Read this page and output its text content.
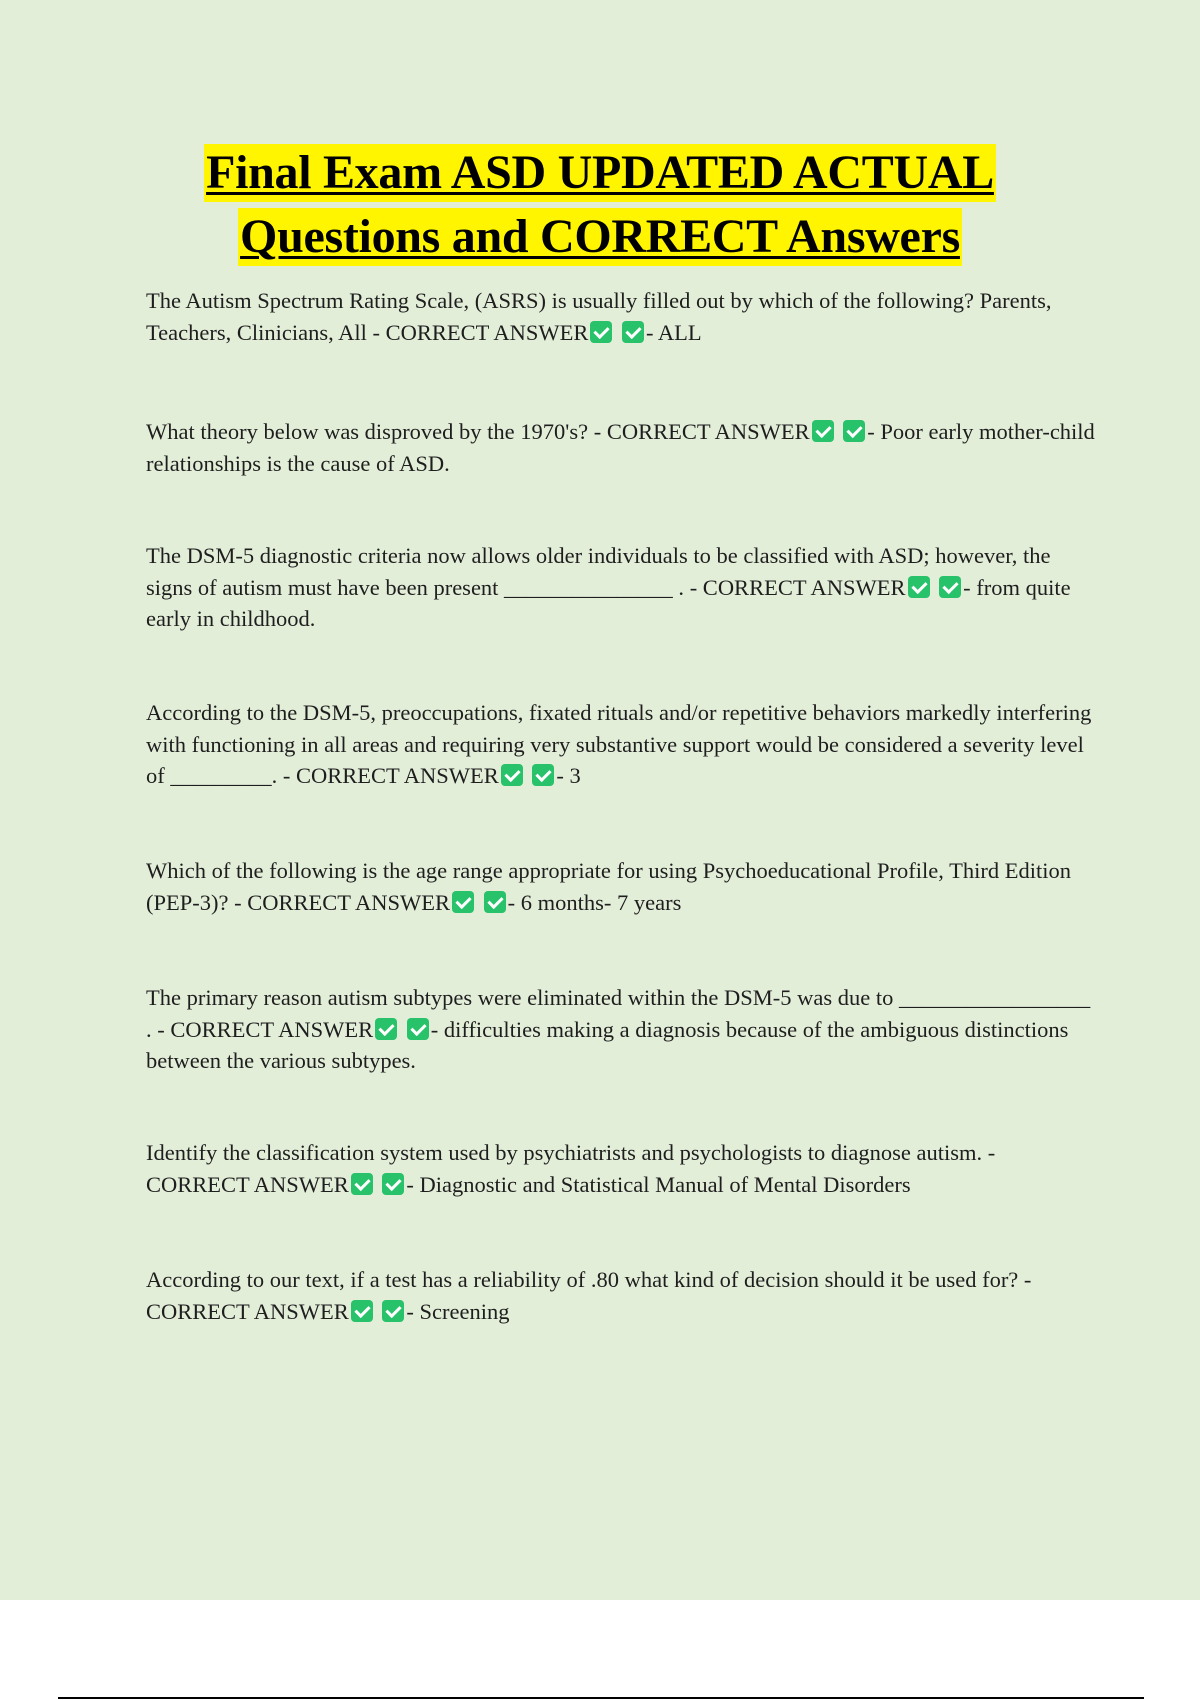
Final Exam ASD UPDATED ACTUAL
Questions and CORRECT Answers
The Autism Spectrum Rating Scale, (ASRS) is usually filled out by which of the following? Parents, Teachers, Clinicians, All - CORRECT ANSWER	- ALL
What theory below was disproved by the 1970's? - CORRECT ANSWER	- Poor early mother-child relationships is the cause of ASD.
The DSM-5 diagnostic criteria now allows older individuals to be classified with ASD; however, the signs of autism must have been present _______________ . - CORRECT ANSWER	- from quite early in childhood.
According to the DSM-5, preoccupations, fixated rituals and/or repetitive behaviors markedly interfering with functioning in all areas and requiring very substantive support would be considered a severity level of _________. - CORRECT ANSWER	- 3
Which of the following is the age range appropriate for using Psychoeducational Profile, Third Edition (PEP-3)? - CORRECT ANSWER	- 6 months- 7 years
The primary reason autism subtypes were eliminated within the DSM-5 was due to _________________ . - CORRECT ANSWER	- difficulties making a diagnosis because of the ambiguous distinctions between the various subtypes.
Identify the classification system used by psychiatrists and psychologists to diagnose autism. - CORRECT ANSWER	- Diagnostic and Statistical Manual of Mental Disorders
According to our text, if a test has a reliability of .80 what kind of decision should it be used for? - CORRECT ANSWER	- Screening
